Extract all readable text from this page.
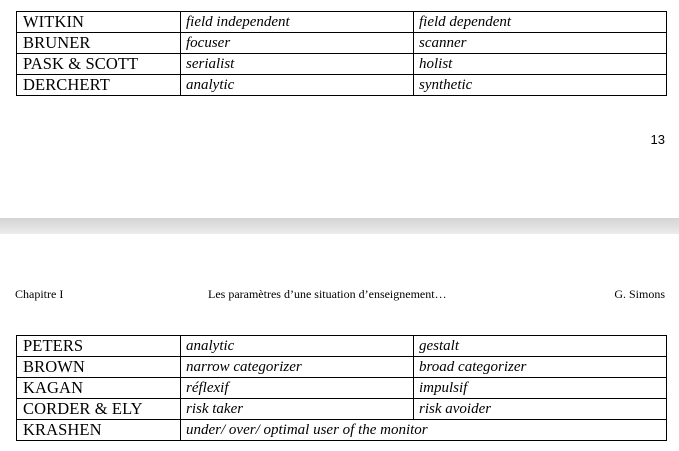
WITKIN	field independent	field dependent
BRUNER	focuser	scanner
PASK & SCOTT	serialist	holist
DERCHERT	analytic	synthetic
13
Chapitre I	Les paramètres d’une situation d’enseignement…	G. Simons
PETERS	analytic	gestalt
BROWN	narrow categorizer	broad categorizer
KAGAN	réflexif	impulsif
CORDER & ELY	risk taker	risk avoider
KRASHEN	under/ over/ optimal user of the monitor	
